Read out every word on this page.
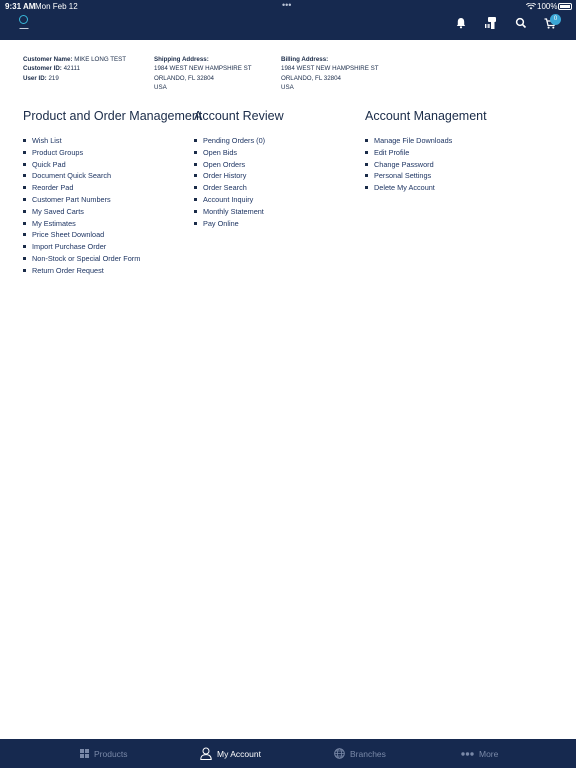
9:31 AM Mon Feb 12	•••	100%
▬▬▬
0
Customer Name: MIKE LONG TEST
Customer ID: 42111
User ID: 219
Shipping Address:
1984 WEST NEW HAMPSHIRE ST
ORLANDO, FL 32804
USA
Billing Address:
1984 WEST NEW HAMPSHIRE ST
ORLANDO, FL 32804
USA
Product and Order Management
Wish List
Product Groups
Quick Pad
Document Quick Search
Reorder Pad
Customer Part Numbers
My Saved Carts
My Estimates
Price Sheet Download
Import Purchase Order
Non-Stock or Special Order Form
Return Order Request
Account Review
Pending Orders (0)
Open Bids
Open Orders
Order History
Order Search
Account Inquiry
Monthly Statement
Pay Online
Account Management
Manage File Downloads
Edit Profile
Change Password
Personal Settings
Delete My Account
Products	My Account	Branches	More
